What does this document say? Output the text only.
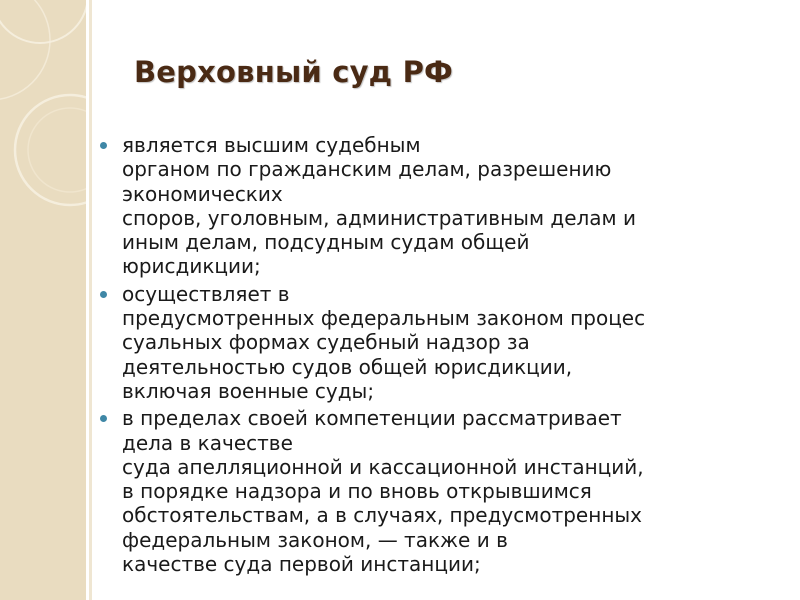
Верховный суд РФ
является высшим судебным
органом по гражданским делам, разрешению
экономических
споров, уголовным, административным делам и
иным делам, подсудным судам общей
юрисдикции;
осуществляет в
предусмотренных федеральным законом процес
суальных формах судебный надзор за
деятельностью судов общей юрисдикции,
включая военные суды;
в пределах своей компетенции рассматривает
дела в качестве
суда апелляционной и кассационной инстанций,
в порядке надзора и по вновь открывшимся
обстоятельствам, а в случаях, предусмотренных
федеральным законом, — также и в
качестве суда первой инстанции;
